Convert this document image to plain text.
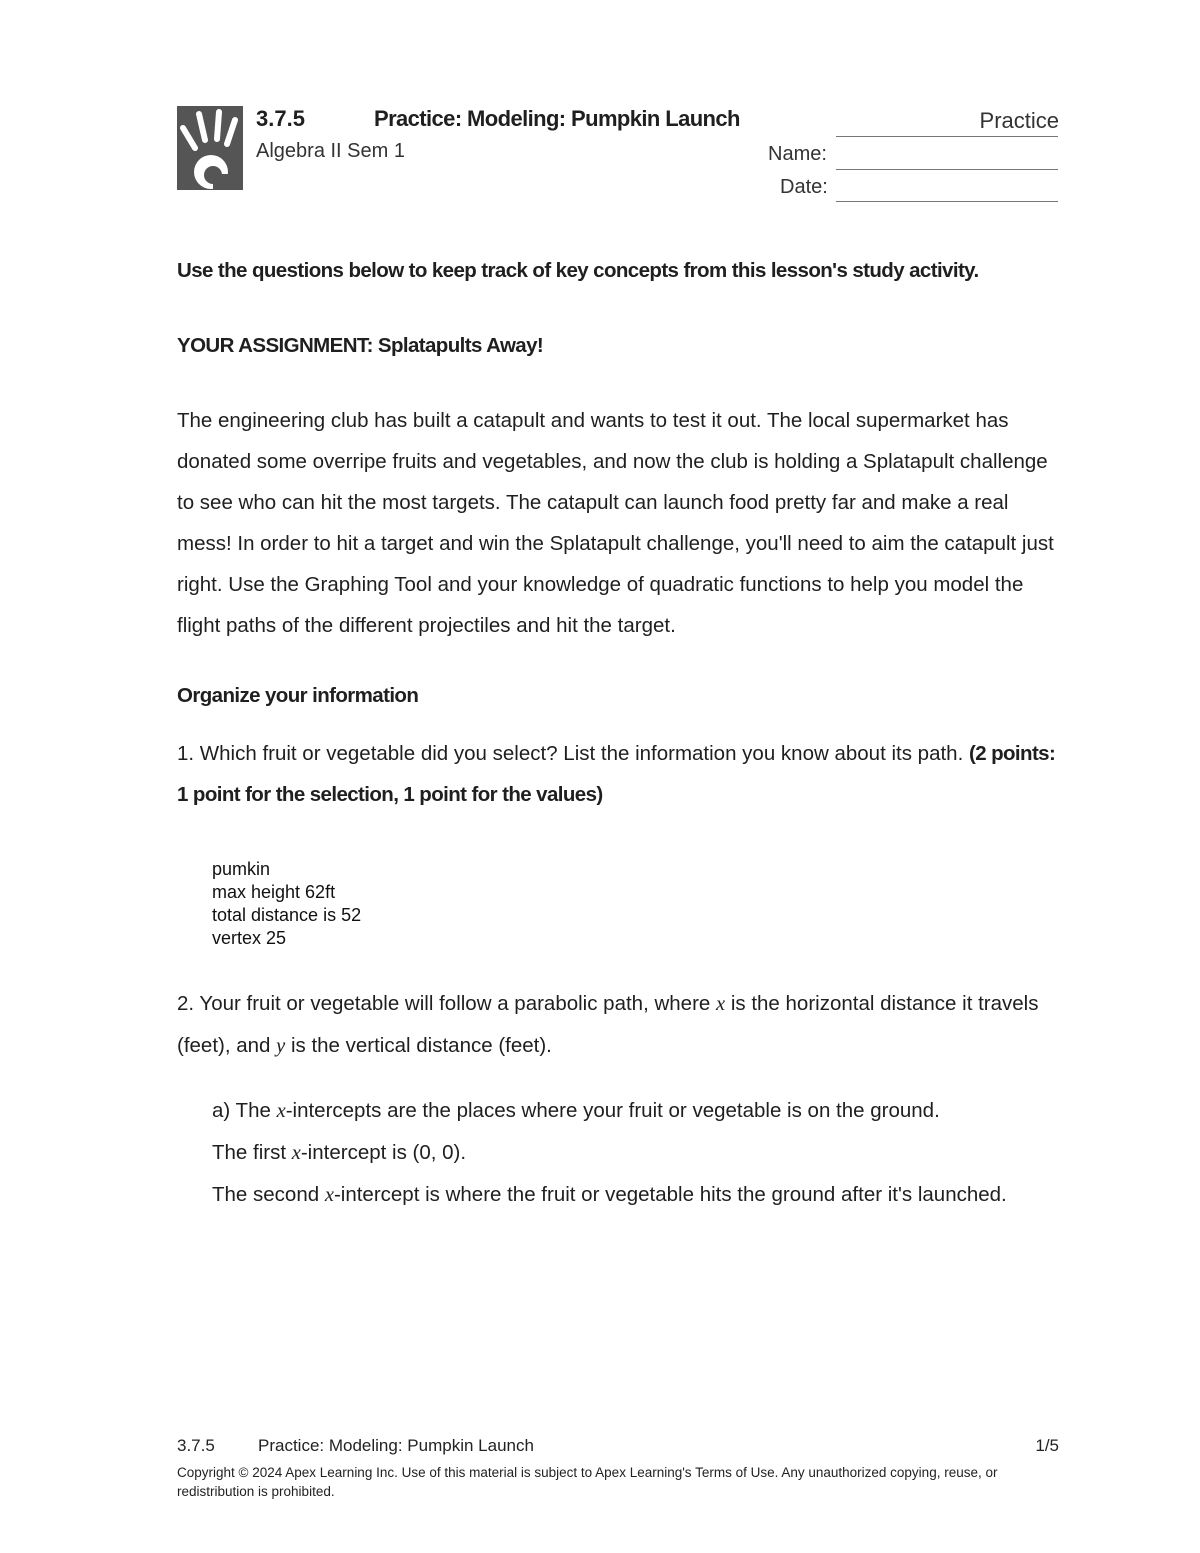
3.7.5	Practice: Modeling: Pumpkin Launch	Practice
Algebra II Sem 1	Name:
Date:

Use the questions below to keep track of key concepts from this lesson's study activity.

YOUR ASSIGNMENT: Splatapults Away!

The engineering club has built a catapult and wants to test it out. The local supermarket has donated some overripe fruits and vegetables, and now the club is holding a Splatapult challenge to see who can hit the most targets. The catapult can launch food pretty far and make a real mess! In order to hit a target and win the Splatapult challenge, you'll need to aim the catapult just right. Use the Graphing Tool and your knowledge of quadratic functions to help you model the flight paths of the different projectiles and hit the target.

Organize your information

1. Which fruit or vegetable did you select? List the information you know about its path. (2 points: 1 point for the selection, 1 point for the values)

pumkin
max height 62ft
total distance is 52
vertex 25

2. Your fruit or vegetable will follow a parabolic path, where x is the horizontal distance it travels (feet), and y is the vertical distance (feet).

a) The x-intercepts are the places where your fruit or vegetable is on the ground.

The first x-intercept is (0, 0).

The second x-intercept is where the fruit or vegetable hits the ground after it's launched.

3.7.5	Practice: Modeling: Pumpkin Launch	1/5
Copyright © 2024 Apex Learning Inc. Use of this material is subject to Apex Learning's Terms of Use. Any unauthorized copying, reuse, or redistribution is prohibited.
